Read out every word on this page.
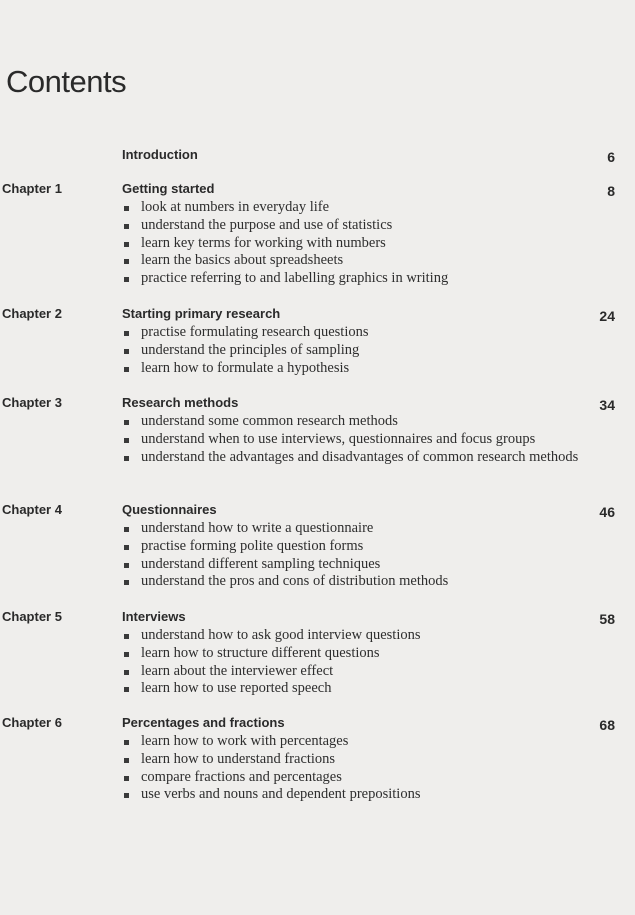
Contents
Introduction	6
Chapter 1	Getting started	8
look at numbers in everyday life
understand the purpose and use of statistics
learn key terms for working with numbers
learn the basics about spreadsheets
practice referring to and labelling graphics in writing
Chapter 2	Starting primary research	24
practise formulating research questions
understand the principles of sampling
learn how to formulate a hypothesis
Chapter 3	Research methods	34
understand some common research methods
understand when to use interviews, questionnaires and focus groups
understand the advantages and disadvantages of common research methods
Chapter 4	Questionnaires	46
understand how to write a questionnaire
practise forming polite question forms
understand different sampling techniques
understand the pros and cons of distribution methods
Chapter 5	Interviews	58
understand how to ask good interview questions
learn how to structure different questions
learn about the interviewer effect
learn how to use reported speech
Chapter 6	Percentages and fractions	68
learn how to work with percentages
learn how to understand fractions
compare fractions and percentages
use verbs and nouns and dependent prepositions
